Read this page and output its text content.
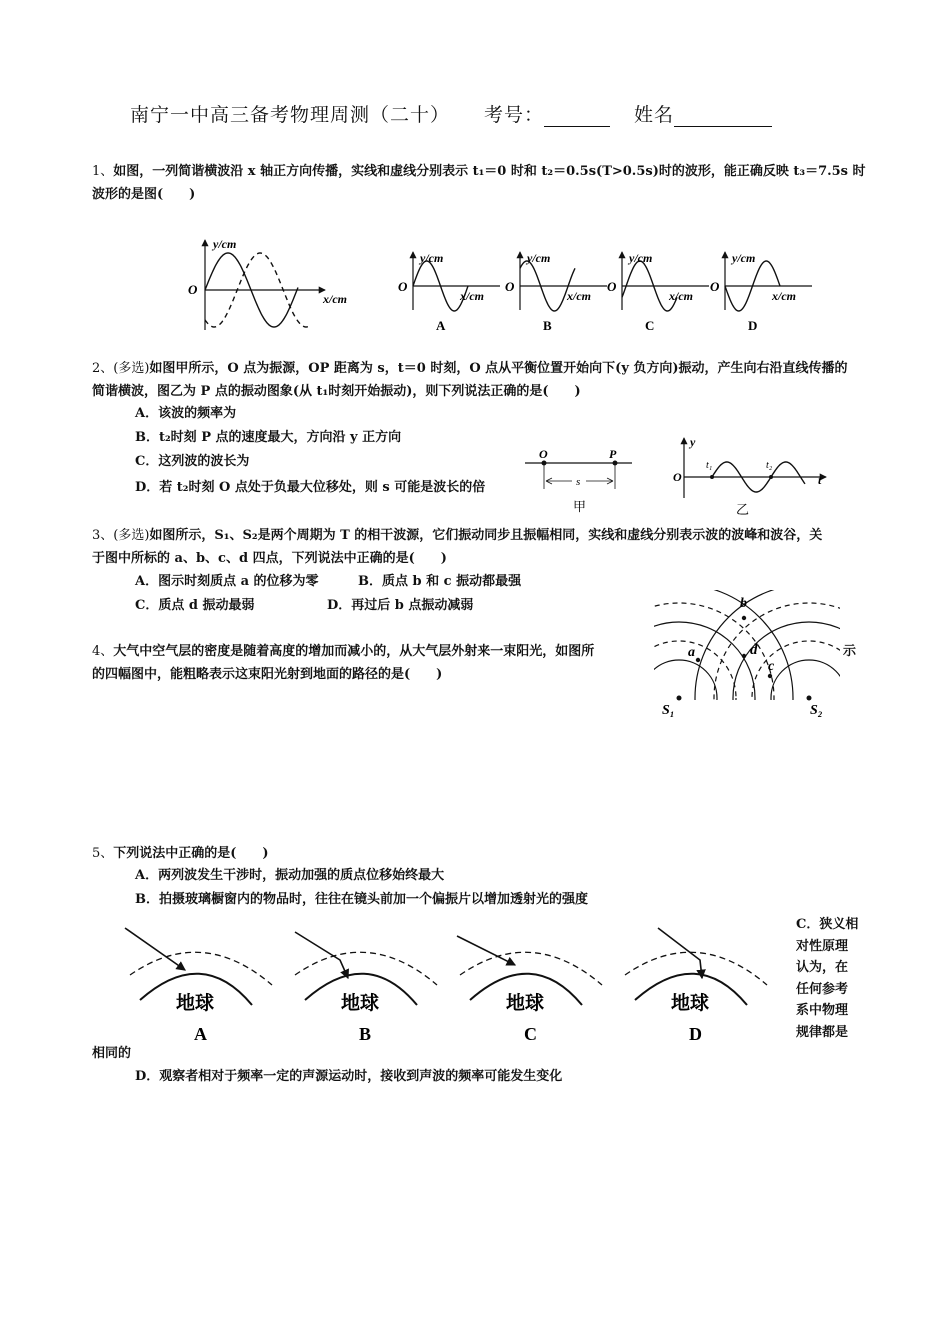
南宁一中高三备考物理周测（二十） 考号：	姓名
1、如图，一列简谐横波沿 x 轴正方向传播，实线和虚线分别表示 t₁＝0 时和 t₂＝0.5s(T>0.5s)时的波形，能正确反映 t₃＝7.5s 时
波形的是图(　　)
y/cm
O
x/cm
y/cm
O
x/cm
A
y/cm
O
x/cm
B
y/cm
O
x/cm
C
y/cm
O
x/cm
D
2、(多选)如图甲所示，O 点为振源，OP 距离为 s，t＝0 时刻，O 点从平衡位置开始向下(y 负方向)振动，产生向右沿直线传播的
简谐横波，图乙为 P 点的振动图象(从 t₁时刻开始振动)，则下列说法正确的是(　　)
A．该波的频率为
B．t₂时刻 P 点的速度最大，方向沿 y 正方向
C．这列波的波长为
D．若 t₂时刻 O 点处于负最大位移处，则 s 可能是波长的倍
O	P
s
甲
y
O
t₁	t₂
t
乙
3、(多选)如图所示，S₁、S₂是两个周期为 T 的相干波源，它们振动同步且振幅相同，实线和虚线分别表示波的波峰和波谷，关
于图中所标的 a、b、c、d 四点，下列说法中正确的是(　　)
A．图示时刻质点 a 的位移为零	B．质点 b 和 c 振动都最强
C．质点 d 振动最弱	D．再过后 b 点振动减弱
a
b
c
d
S₁	S₂
4、大气中空气层的密度是随着高度的增加而减小的，从大气层外射来一束阳光，如图所
的四幅图中，能粗略表示这束阳光射到地面的路径的是(　　)
示
5、下列说法中正确的是(　　)
A．两列波发生干涉时，振动加强的质点位移始终最大
B．拍摄玻璃橱窗内的物品时，往往在镜头前加一个偏振片以增加透射光的强度
地球
A
地球
B
地球
C
地球
D
C．狭义相
对性原理
认为，在
任何参考
系中物理
规律都是
相同的
D．观察者相对于频率一定的声源运动时，接收到声波的频率可能发生变化
